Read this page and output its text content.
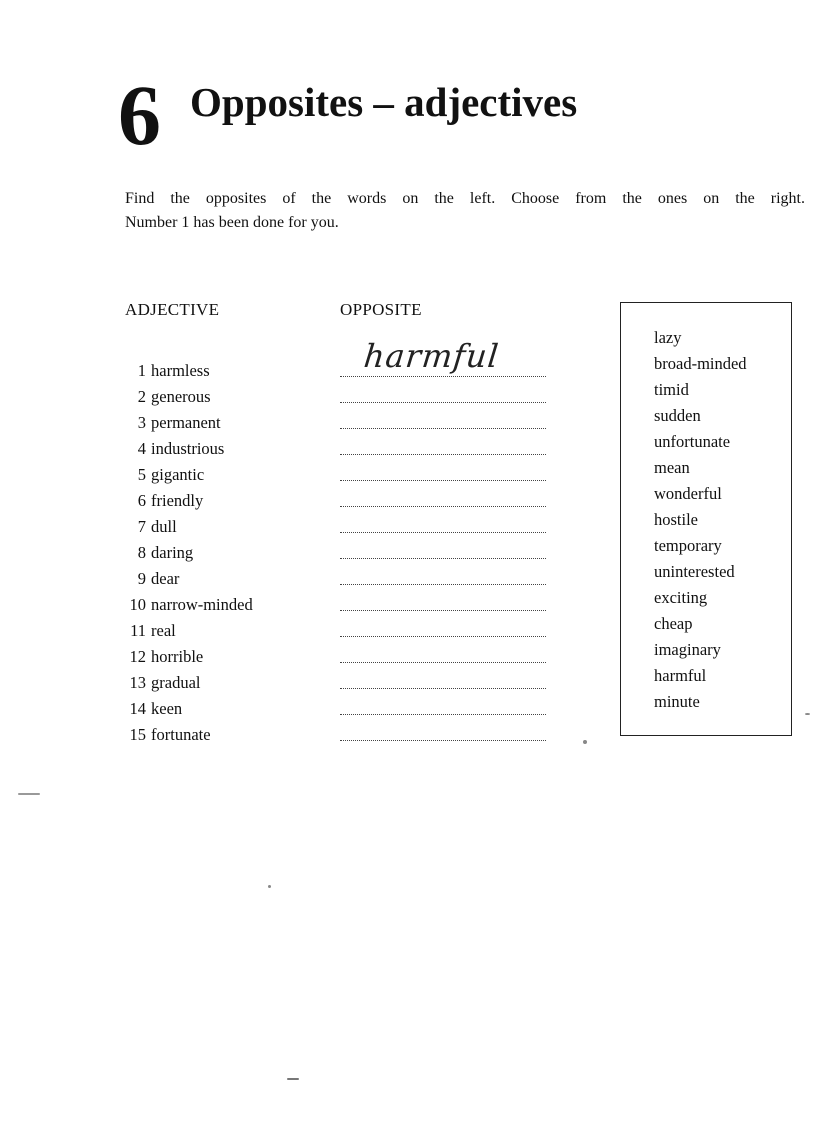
6 Opposites – adjectives
Find the opposites of the words on the left. Choose from the ones on the right.
Number 1 has been done for you.
ADJECTIVE	OPPOSITE
1 harmless	harmful
2 generous
3 permanent
4 industrious
5 gigantic
6 friendly
7 dull
8 daring
9 dear
10 narrow-minded
11 real
12 horrible
13 gradual
14 keen
15 fortunate
lazy
broad-minded
timid
sudden
unfortunate
mean
wonderful
hostile
temporary
uninterested
exciting
cheap
imaginary
harmful
minute
